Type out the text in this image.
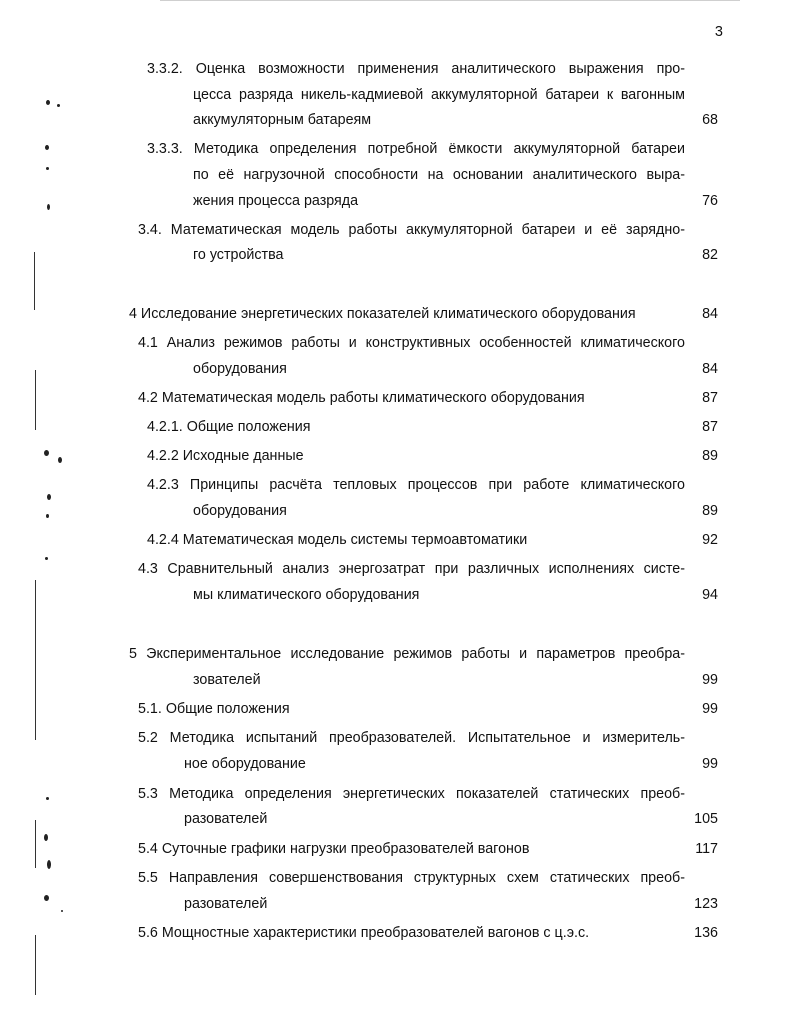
3
3.3.2. Оценка возможности применения аналитического выражения про-
цесса разряда никель-кадмиевой аккумуляторной батареи к вагонным
аккумуляторным батареям	68
3.3.3. Методика определения потребной ёмкости аккумуляторной батареи
по её нагрузочной способности на основании аналитического выра-
жения процесса разряда	76
3.4. Математическая модель работы аккумуляторной батареи и её зарядно-
го устройства	82
4 Исследование энергетических показателей климатического оборудования	84
4.1 Анализ режимов работы и конструктивных особенностей климатического
оборудования	84
4.2 Математическая модель работы климатического оборудования	87
4.2.1. Общие положения	87
4.2.2 Исходные данные	89
4.2.3 Принципы расчёта тепловых процессов при работе климатического
оборудования	89
4.2.4 Математическая модель системы термоавтоматики	92
4.3 Сравнительный анализ энергозатрат при различных исполнениях систе-
мы климатического оборудования	94
5 Экспериментальное исследование режимов работы и параметров преобра-
зователей	99
5.1. Общие положения	99
5.2 Методика испытаний преобразователей. Испытательное и измеритель-
ное оборудование	99
5.3 Методика определения энергетических показателей статических преоб-
разователей	105
5.4 Суточные графики нагрузки преобразователей вагонов	117
5.5 Направления совершенствования структурных схем статических преоб-
разователей	123
5.6 Мощностные характеристики преобразователей вагонов с ц.э.с.	136
